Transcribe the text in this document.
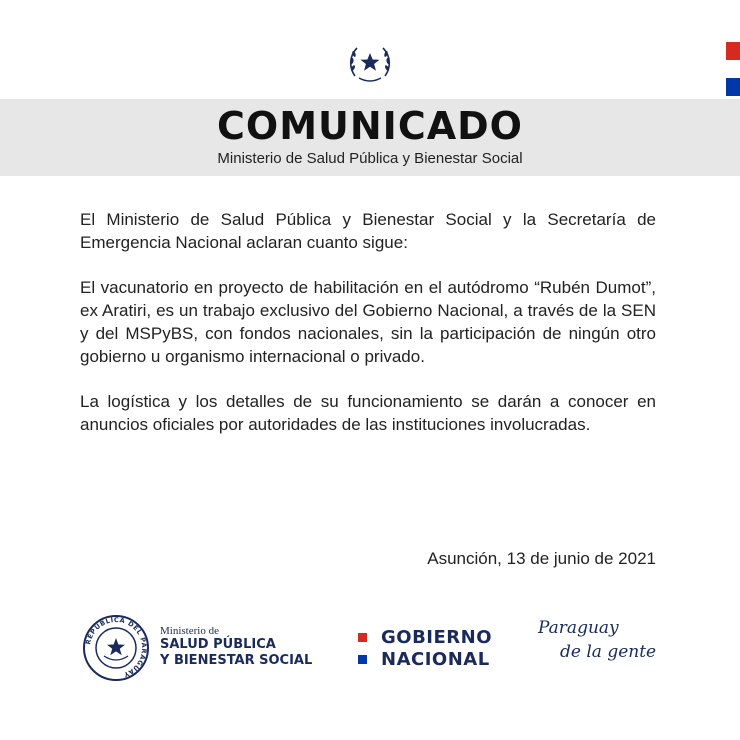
COMUNICADO
Ministerio de Salud Pública y Bienestar Social

El Ministerio de Salud Pública y Bienestar Social y la Secretaría de Emergencia Nacional aclaran cuanto sigue:

El vacunatorio en proyecto de habilitación en el autódromo “Rubén Dumot”, ex Aratiri, es un trabajo exclusivo del Gobierno Nacional, a través de la SEN y del MSPyBS, con fondos nacionales, sin la participación de ningún otro gobierno u organismo internacional o privado.

La logística y los detalles de su funcionamiento se darán a conocer en anuncios oficiales por autoridades de las instituciones involucradas.

Asunción, 13 de junio de 2021
REPÚBLICA DEL PARAGUAY
Ministerio de
SALUD PÚBLICA
Y BIENESTAR SOCIAL
GOBIERNO
NACIONAL
Paraguay
de la gente
